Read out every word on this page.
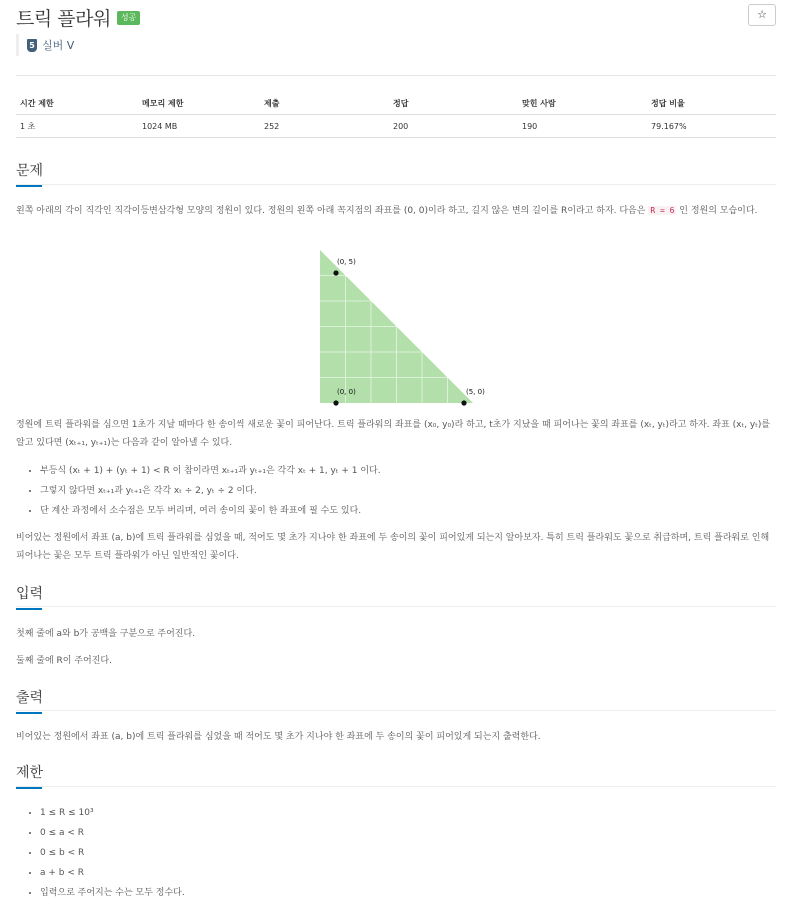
트릭 플라워	성공	☆
5 실버 V
시간 제한	메모리 제한	제출	정답	맞힌 사람	정답 비율
1 초	1024 MB	252	200	190	79.167%
문제
왼쪽 아래의 각이 직각인 직각이등변삼각형 모양의 정원이 있다. 정원의 왼쪽 아래 꼭지점의 좌표를 (0, 0)이라 하고, 길지 않은 변의 길이를 R이라고 하자. 다음은 R = 6 인 정원의 모습이다.
(0, 5)
(0, 0)	(5, 0)
정원에 트릭 플라워를 심으면 1초가 지날 때마다 한 송이씩 새로운 꽃이 피어난다. 트릭 플라워의 좌표를 (x₀, y₀)라 하고, t초가 지났을 때 피어나는 꽃의 좌표를 (xₜ, yₜ)라고 하자. 좌표 (xₜ, yₜ)를 알고 있다면 (xₜ₊₁, yₜ₊₁)는 다음과 같이 알아낼 수 있다.
• 부등식 (xₜ + 1) + (yₜ + 1) < R 이 참이라면 xₜ₊₁과 yₜ₊₁은 각각 xₜ + 1, yₜ + 1 이다.
• 그렇지 않다면 xₜ₊₁과 yₜ₊₁은 각각 xₜ ÷ 2, yₜ ÷ 2 이다.
• 단 계산 과정에서 소수점은 모두 버리며, 여러 송이의 꽃이 한 좌표에 필 수도 있다.
비어있는 정원에서 좌표 (a, b)에 트릭 플라워를 심었을 때, 적어도 몇 초가 지나야 한 좌표에 두 송이의 꽃이 피어있게 되는지 알아보자. 특히 트릭 플라워도 꽃으로 취급하며, 트릭 플라워로 인해 피어나는 꽃은 모두 트릭 플라워가 아닌 일반적인 꽃이다.
입력
첫째 줄에 a와 b가 공백을 구분으로 주어진다.
둘째 줄에 R이 주어진다.
출력
비어있는 정원에서 좌표 (a, b)에 트릭 플라워를 심었을 때 적어도 몇 초가 지나야 한 좌표에 두 송이의 꽃이 피어있게 되는지 출력한다.
제한
• 1 ≤ R ≤ 10³
• 0 ≤ a < R
• 0 ≤ b < R
• a + b < R
• 입력으로 주어지는 수는 모두 정수다.
